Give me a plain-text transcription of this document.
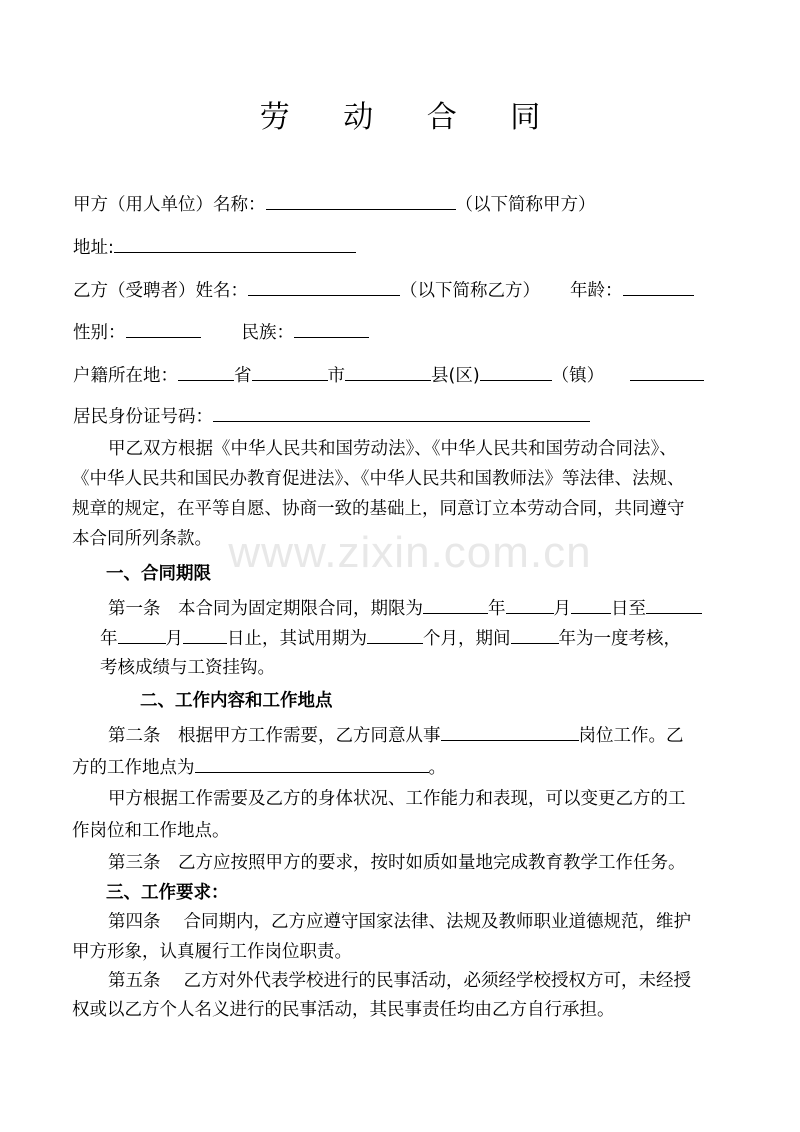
www.zixin.com.cn
劳 动 合 同
甲方（用人单位）名称：	（以下简称甲方）
地址:
乙方（受聘者）姓名：	（以下简称乙方） 年龄：
性别：	民族：
户籍所在地：	省	市	县(区)	（镇）
居民身份证号码：
甲乙双方根据《中华人民共和国劳动法》、《中华人民共和国劳动合同法》、
《中华人民共和国民办教育促进法》、《中华人民共和国教师法》等法律、法规、
规章的规定，在平等自愿、协商一致的基础上，同意订立本劳动合同，共同遵守
本合同所列条款。
一、合同期限
第一条　本合同为固定期限合同，期限为	年	月 日至
年	月	日止，其试用期为	个月，期间	年为一度考核，
考核成绩与工资挂钩。
二、工作内容和工作地点
第二条　根据甲方工作需要，乙方同意从事	岗位工作。乙
方的工作地点为	。
甲方根据工作需要及乙方的身体状况、工作能力和表现，可以变更乙方的工
作岗位和工作地点。
第三条　乙方应按照甲方的要求，按时如质如量地完成教育教学工作任务。
三、工作要求：
第四条　 合同期内，乙方应遵守国家法律、法规及教师职业道德规范，维护
甲方形象，认真履行工作岗位职责。
第五条　 乙方对外代表学校进行的民事活动，必须经学校授权方可，未经授
权或以乙方个人名义进行的民事活动，其民事责任均由乙方自行承担。
